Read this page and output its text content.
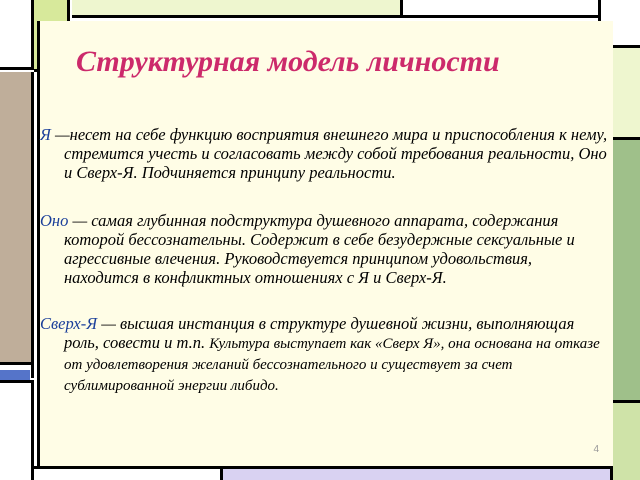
Структурная модель личности

Я —несет на себе функцию восприятия внешнего мира и приспособления к нему, стремится учесть и согласовать между собой требования реальности, Оно и Сверх-Я. Подчиняется принципу реальности.

Оно — самая глубинная подструктура душевного аппарата, содержания которой бессознательны. Содержит в себе безудержные сексуальные и агрессивные влечения. Руководствуется принципом удовольствия, находится в конфликтных отношениях с Я и Сверх-Я.

Сверх-Я — высшая инстанция в структуре душевной жизни, выполняющая роль, совести и т.п. Культура выступает как «Сверх Я», она основана на отказе от удовлетворения желаний бессознательного и существует за счет сублимированной энергии либидо.

4
